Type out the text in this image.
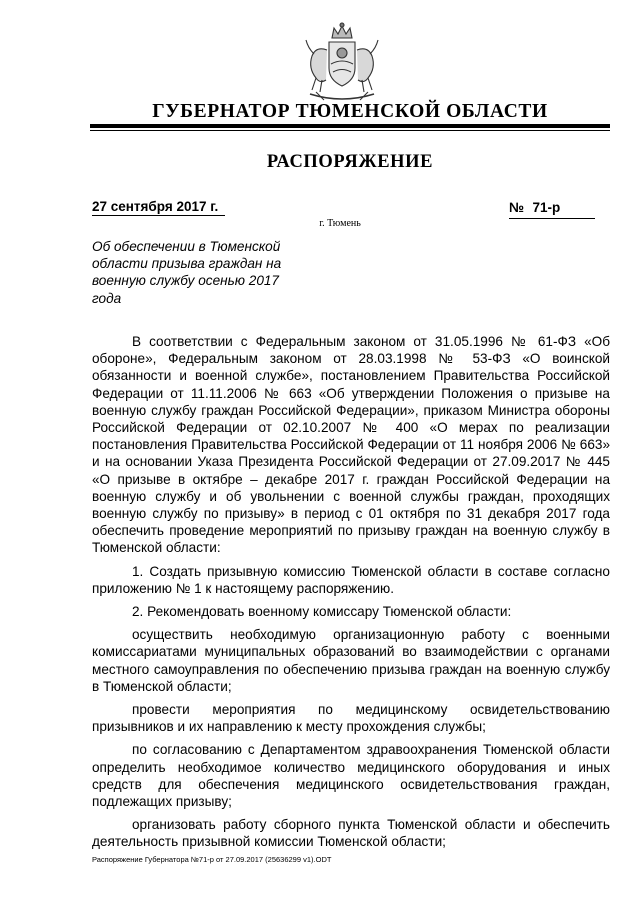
ГУБЕРНАТОР ТЮМЕНСКОЙ ОБЛАСТИ
РАСПОРЯЖЕНИЕ
27 сентября 2017 г.	№ 71-р
г. Тюмень
Об обеспечении в Тюменской области призыва граждан на военную службу осенью 2017 года

В соответствии с Федеральным законом от 31.05.1996 № 61-ФЗ «Об обороне», Федеральным законом от 28.03.1998 № 53-ФЗ «О воинской обязанности и военной службе», постановлением Правительства Российской Федерации от 11.11.2006 № 663 «Об утверждении Положения о призыве на военную службу граждан Российской Федерации», приказом Министра обороны Российской Федерации от 02.10.2007 № 400 «О мерах по реализации постановления Правительства Российской Федерации от 11 ноября 2006 № 663» и на основании Указа Президента Российской Федерации от 27.09.2017 № 445 «О призыве в октябре – декабре 2017 г. граждан Российской Федерации на военную службу и об увольнении с военной службы граждан, проходящих военную службу по призыву» в период с 01 октября по 31 декабря 2017 года обеспечить проведение мероприятий по призыву граждан на военную службу в Тюменской области:

1. Создать призывную комиссию Тюменской области в составе согласно приложению № 1 к настоящему распоряжению.

2. Рекомендовать военному комиссару Тюменской области:

осуществить необходимую организационную работу с военными комиссариатами муниципальных образований во взаимодействии с органами местного самоуправления по обеспечению призыва граждан на военную службу в Тюменской области;

провести мероприятия по медицинскому освидетельствованию призывников и их направлению к месту прохождения службы;

по согласованию с Департаментом здравоохранения Тюменской области определить необходимое количество медицинского оборудования и иных средств для обеспечения медицинского освидетельствования граждан, подлежащих призыву;

организовать работу сборного пункта Тюменской области и обеспечить деятельность призывной комиссии Тюменской области;

Распоряжение Губернатора №71-р от 27.09.2017 (25636299 v1).ODT
